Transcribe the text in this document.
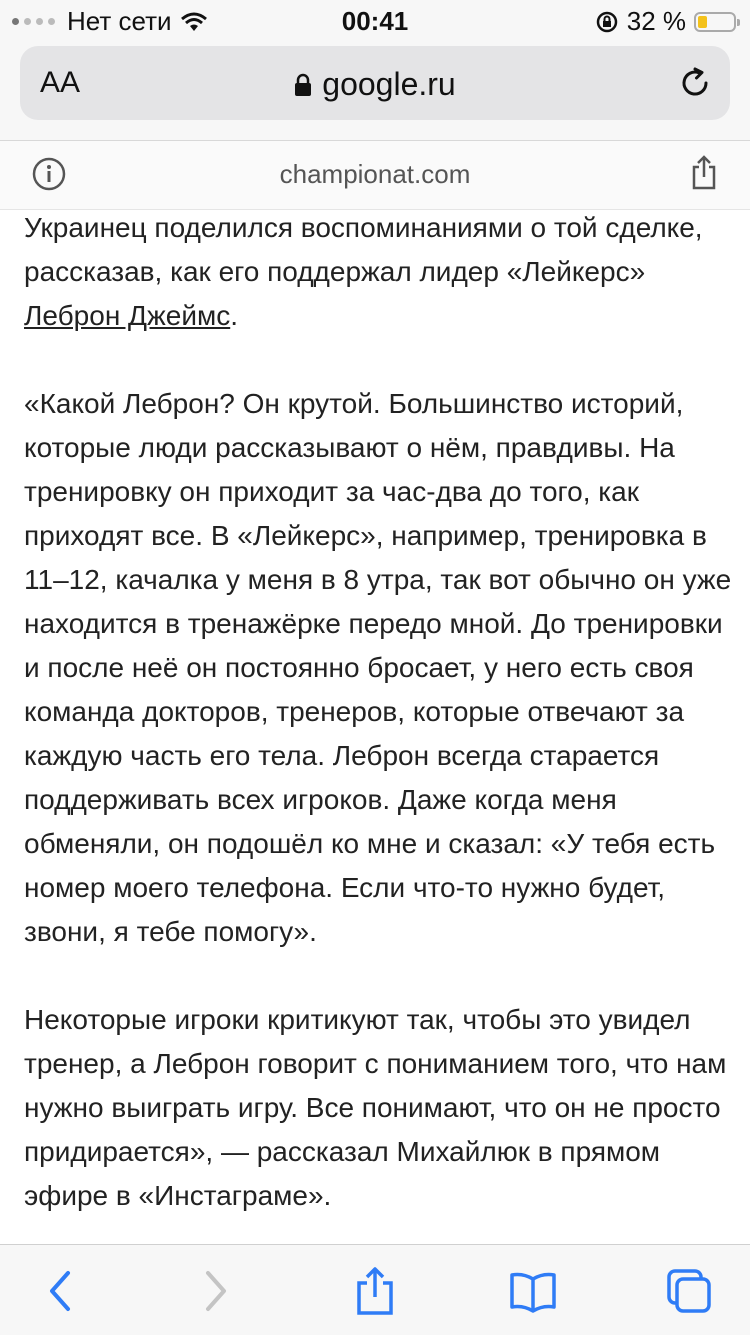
Нет сети	00:41	32 %
AA	google.ru
championat.com

Украинец поделился воспоминаниями о той сделке, рассказав, как его поддержал лидер «Лейкерс» Леброн Джеймс.

«Какой Леброн? Он крутой. Большинство историй, которые люди рассказывают о нём, правдивы. На тренировку он приходит за час-два до того, как приходят все. В «Лейкерс», например, тренировка в 11–12, качалка у меня в 8 утра, так вот обычно он уже находится в тренажёрке передо мной. До тренировки и после неё он постоянно бросает, у него есть своя команда докторов, тренеров, которые отвечают за каждую часть его тела. Леброн всегда старается поддерживать всех игроков. Даже когда меня обменяли, он подошёл ко мне и сказал: «У тебя есть номер моего телефона. Если что-то нужно будет, звони, я тебе помогу».

Некоторые игроки критикуют так, чтобы это увидел тренер, а Леброн говорит с пониманием того, что нам нужно выиграть игру. Все понимают, что он не просто придирается», — рассказал Михайлюк в прямом эфире в «Инстаграме».
